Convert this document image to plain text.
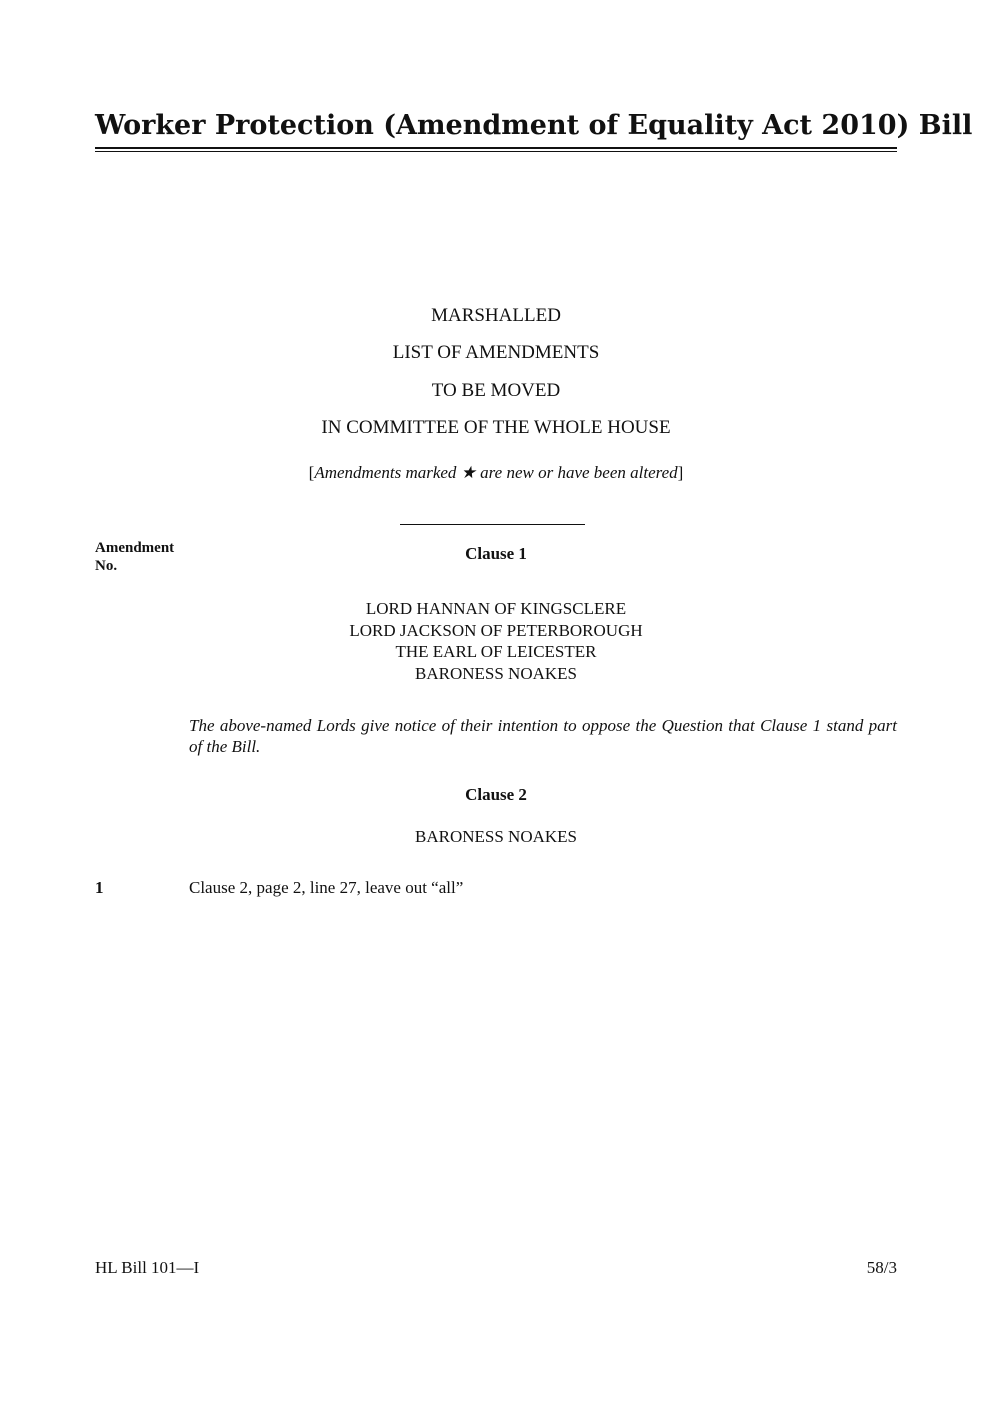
Worker Protection (Amendment of Equality Act 2010) Bill
MARSHALLED
LIST OF AMENDMENTS
TO BE MOVED
IN COMMITTEE OF THE WHOLE HOUSE
[Amendments marked ★ are new or have been altered]
Amendment
No.
Clause 1
LORD HANNAN OF KINGSCLERE
LORD JACKSON OF PETERBOROUGH
THE EARL OF LEICESTER
BARONESS NOAKES
The above-named Lords give notice of their intention to oppose the Question that Clause 1 stand part of the Bill.
Clause 2
BARONESS NOAKES
1	Clause 2, page 2, line 27, leave out “all”
HL Bill 101—I	58/3
